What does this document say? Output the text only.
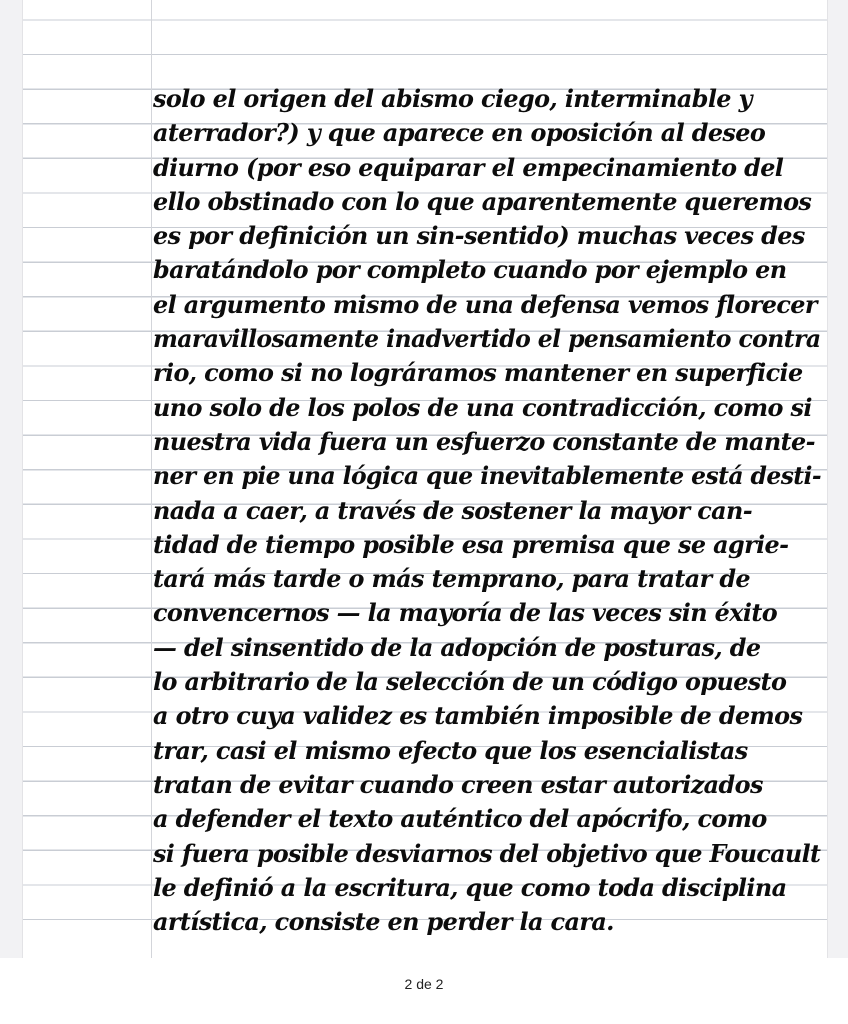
solo el origen del abismo ciego, interminable y
aterrador?) y que aparece en oposición al deseo
diurno (por eso equiparar el empecinamiento del
ello obstinado con lo que aparentemente queremos
es por definición un sin-sentido) muchas veces des
baratándolo por completo cuando por ejemplo en
el argumento mismo de una defensa vemos florecer
maravillosamente inadvertido el pensamiento contra
rio, como si no lográramos mantener en superficie
uno solo de los polos de una contradicción, como si
nuestra vida fuera un esfuerzo constante de mante-
ner en pie una lógica que inevitablemente está desti-
nada a caer, a través de sostener la mayor can-
tidad de tiempo posible esa premisa que se agrie-
tará más tarde o más temprano, para tratar de
convencernos — la mayoría de las veces sin éxito
— del sinsentido de la adopción de posturas, de
lo arbitrario de la selección de un código opuesto
a otro cuya validez es también imposible de demos
trar, casi el mismo efecto que los esencialistas
tratan de evitar cuando creen estar autorizados
a defender el texto auténtico del apócrifo, como
si fuera posible desviarnos del objetivo que Foucault
le definió a la escritura, que como toda disciplina
artística, consiste en perder la cara.
2 de 2
